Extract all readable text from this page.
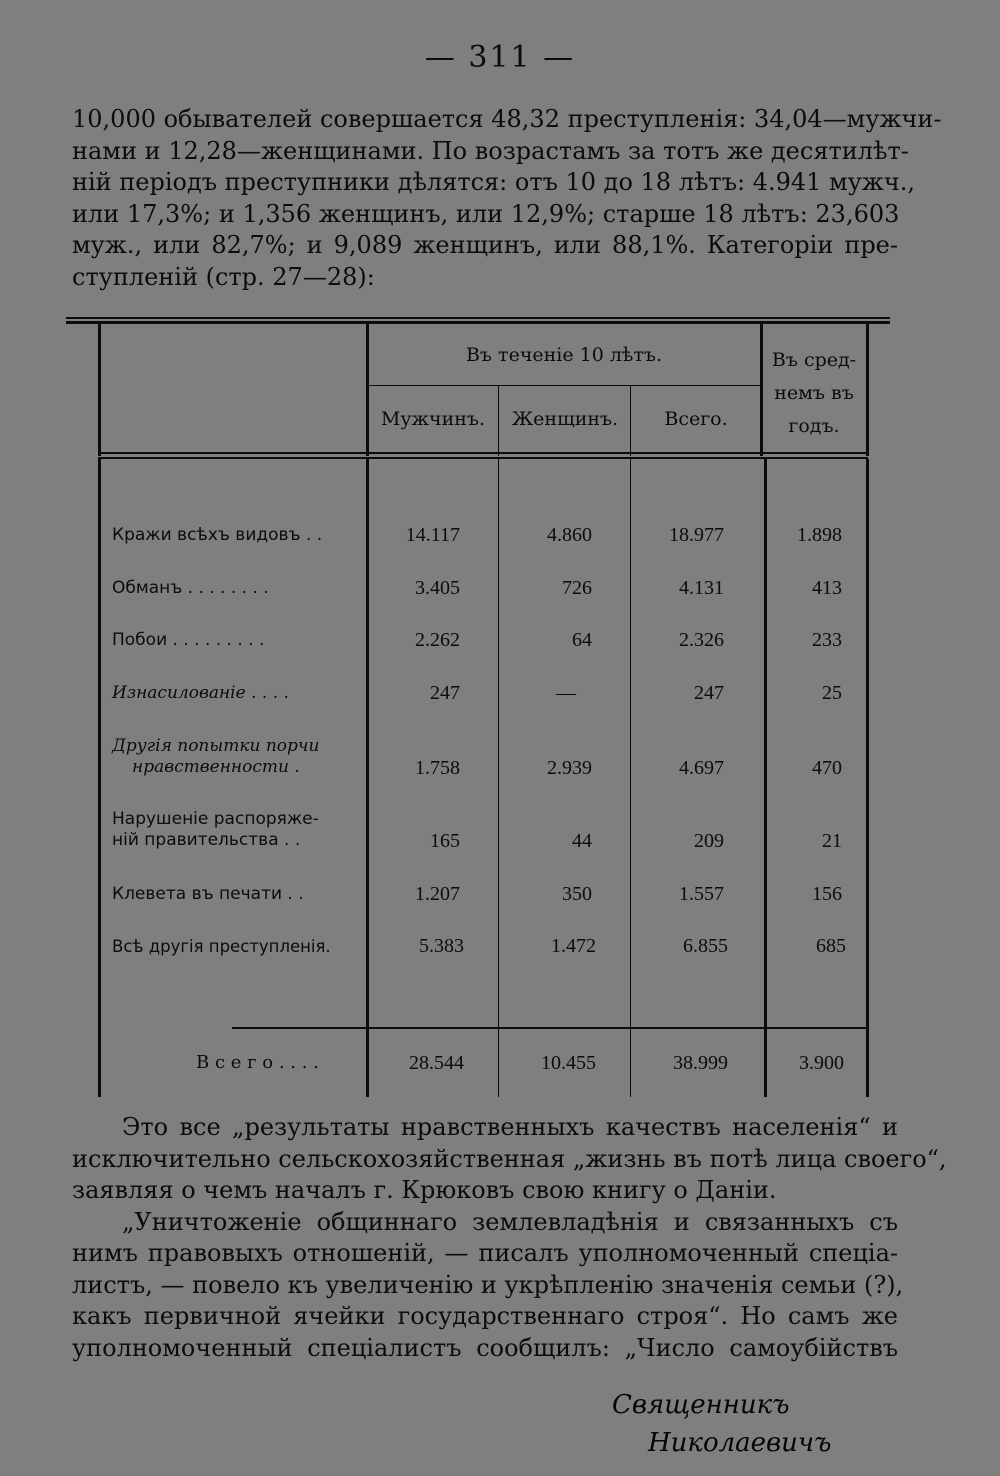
— 311 —
10,000 обывателей совершается 48,32 преступленія: 34,04—мужчи-
нами и 12,28—женщинами. По возрастамъ за тотъ же десятилѣт-
ній періодъ преступники дѣлятся: отъ 10 до 18 лѣтъ: 4.941 мужч.,
или 17,3%; и 1,356 женщинъ, или 12,9%; старше 18 лѣтъ: 23,603
муж., или 82,7%; и 9,089 женщинъ, или 88,1%. Категоріи пре-
ступленій (стр. 27—28):
Въ теченіе 10 лѣтъ.
Мужчинъ.	Женщинъ.	Всего.
Въ сред-
немъ въ
годъ.
Кражи всѣхъ видовъ . .	14.117	4.860	18.977	1.898
Обманъ . . . . . . . .	3.405	726	4.131	413
Побои . . . . . . . . .	2.262	64	2.326	233
Изнасилованіе . . . .	247	—	247	25
Другія попытки порчи
нравственности .	1.758	2.939	4.697	470
Нарушеніе распоряже-
ній правительства . .	165	44	209	21
Клевета въ печати . .	1.207	350	1.557	156
Всѣ другія преступленія.	5.383	1.472	6.855	685
В с е г о . . . .	28.544	10.455	38.999	3.900
Это все „результаты нравственныхъ качествъ населенія“ и
исключительно сельскохозяйственная „жизнь въ потѣ лица своего“,
заявляя о чемъ началъ г. Крюковъ свою книгу о Даніи.
„Уничтоженіе общиннаго землевладѣнія и связанныхъ съ
нимъ правовыхъ отношеній, — писалъ уполномоченный спеціа-
листъ, — повело къ увеличенію и укрѣпленію значенія семьи (?),
какъ первичной ячейки государственнаго строя“. Но самъ же
уполномоченный спеціалистъ сообщилъ: „Число самоубійствъ
Священникъ
Николаевичъ
